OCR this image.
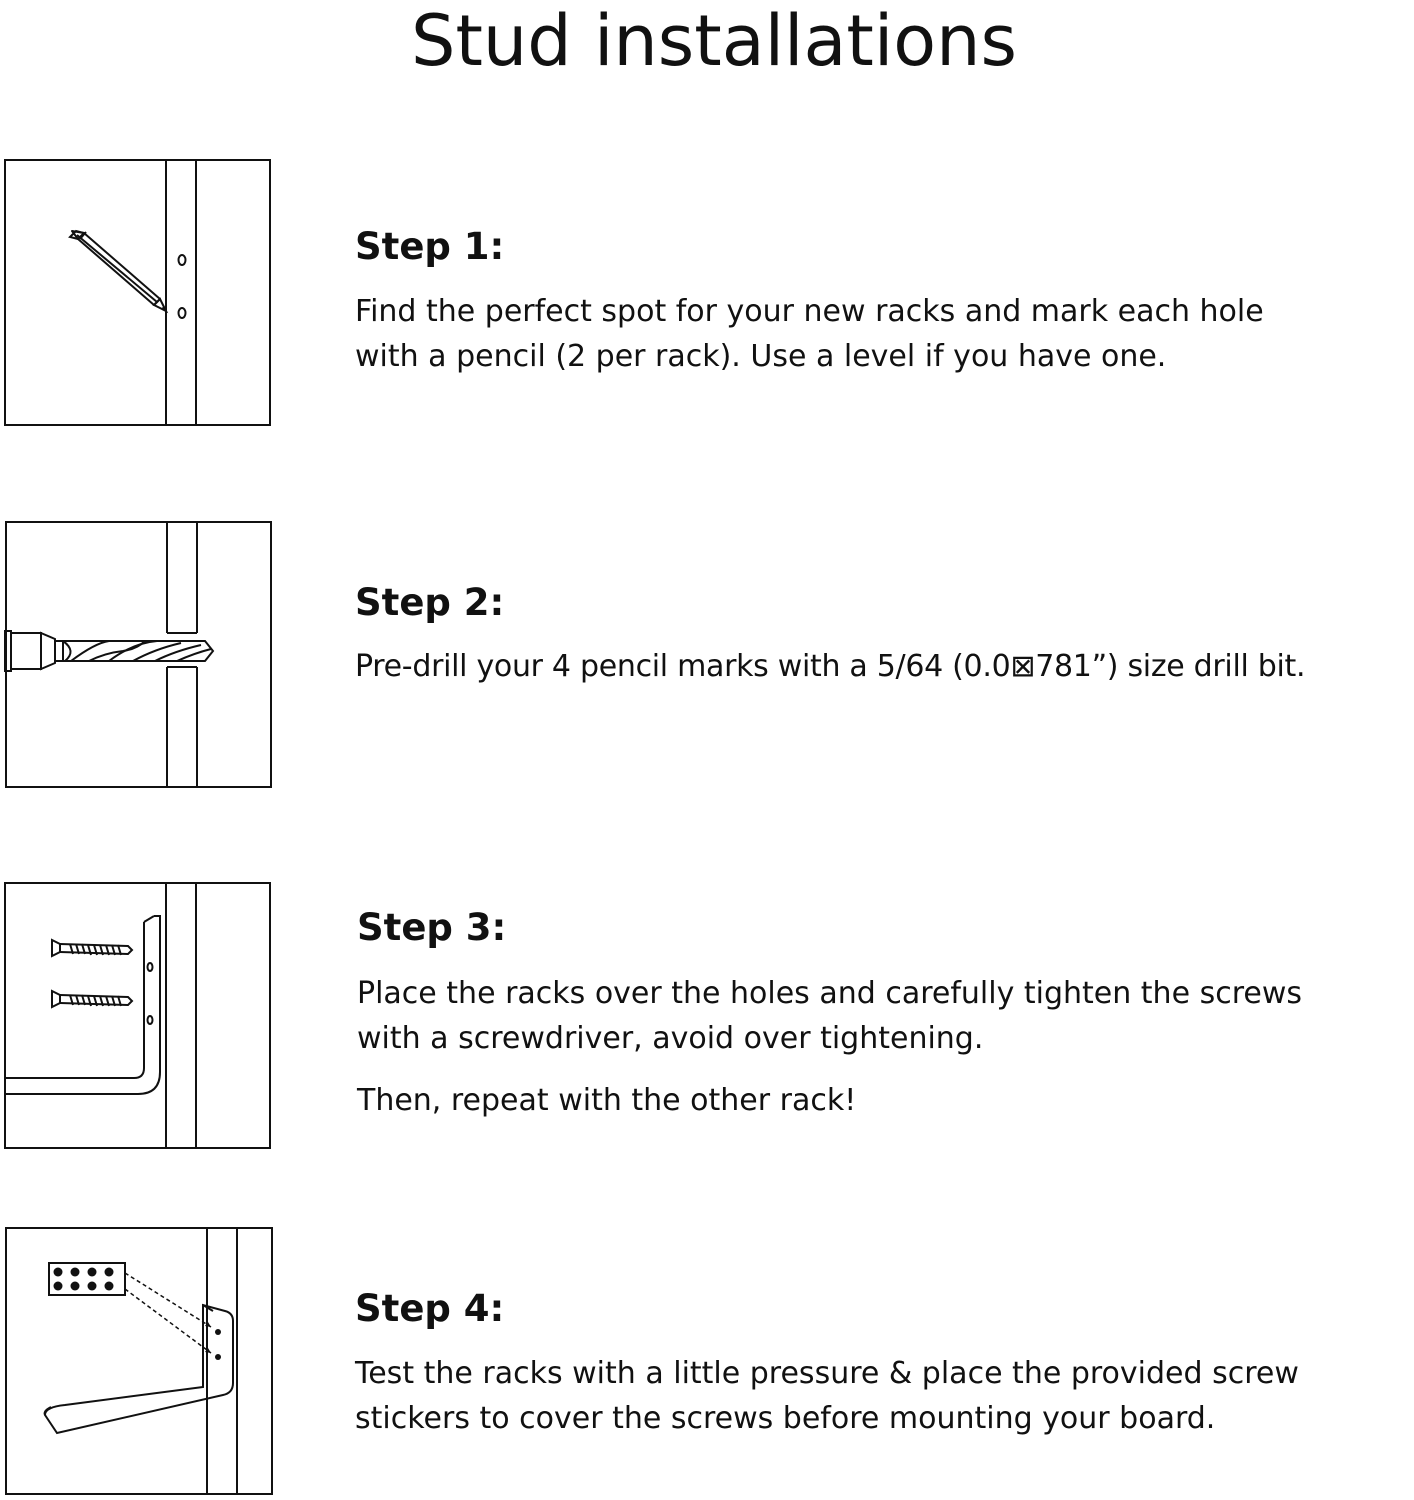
Stud installations
Step 1:

Find the perfect spot for your new racks and mark each hole

with a pencil (2 per rack). Use a level if you have one.

Step 2:

Pre-drill your 4 pencil marks with a 5/64 (0.0⊠781”) size drill bit.

Step 3:

Place the racks over the holes and carefully tighten the screws

with a screwdriver, avoid over tightening.

Then, repeat with the other rack!

Step 4:

Test the racks with a little pressure & place the provided screw

stickers to cover the screws before mounting your board.
